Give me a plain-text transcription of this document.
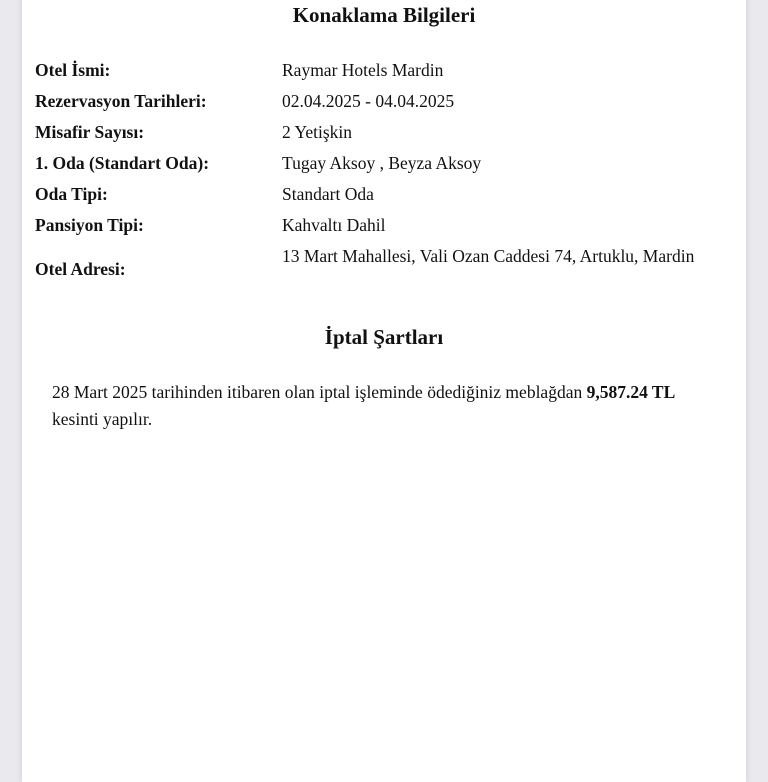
Konaklama Bilgileri
Otel İsmi:	Raymar Hotels Mardin
Rezervasyon Tarihleri:	02.04.2025 - 04.04.2025
Misafir Sayısı:	2 Yetişkin
1. Oda (Standart Oda):	Tugay Aksoy , Beyza Aksoy
Oda Tipi:	Standart Oda
Pansiyon Tipi:	Kahvaltı Dahil
Otel Adresi:
13 Mart Mahallesi, Vali Ozan Caddesi 74, Artuklu, Mardin
İptal Şartları

28 Mart 2025 tarihinden itibaren olan iptal işleminde ödediğiniz meblağdan 9,587.24 TL kesinti yapılır.
